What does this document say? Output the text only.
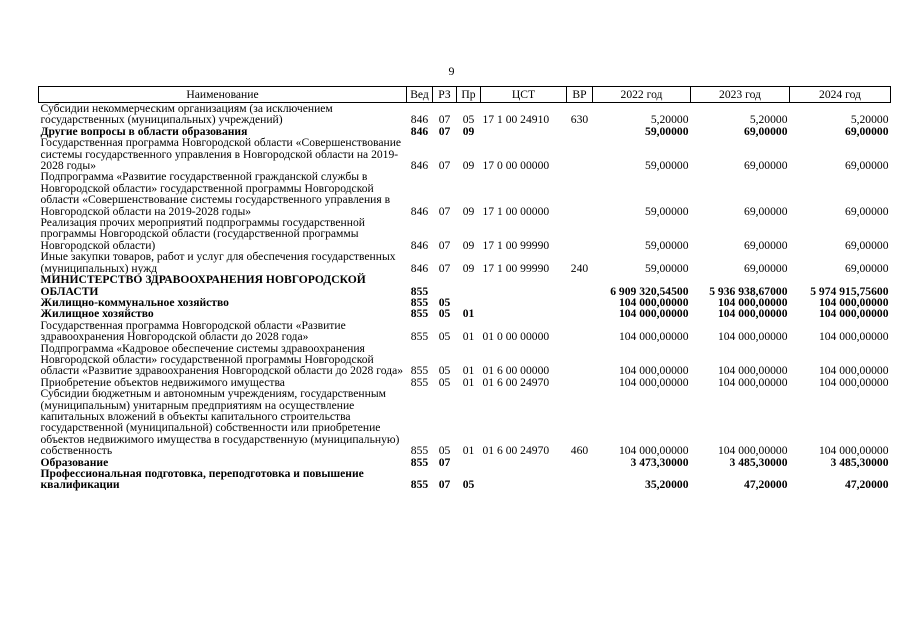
9
Наименование	Вед	РЗ	Пр	ЦСТ	ВР	2022 год	2023 год	2024 год
Субсидии некоммерческим организациям (за исключением государственных (муниципальных) учреждений)	846	07	05	17 1 00 24910	630	5,20000	5,20000	5,20000
Другие вопросы в области образования	846	07	09			59,00000	69,00000	69,00000
Государственная программа Новгородской области «Совершенствование системы государственного управления в Новгородской области на 2019-2028 годы»	846	07	09	17 0 00 00000		59,00000	69,00000	69,00000
Подпрограмма «Развитие государственной гражданской службы в Новгородской области» государственной программы Новгородской области «Совершенствование системы государственного управления в Новгородской области на 2019-2028 годы»	846	07	09	17 1 00 00000		59,00000	69,00000	69,00000
Реализация прочих мероприятий подпрограммы государственной программы Новгородской области (государственной программы Новгородской области)	846	07	09	17 1 00 99990		59,00000	69,00000	69,00000
Иные закупки товаров, работ и услуг для обеспечения государственных (муниципальных) нужд	846	07	09	17 1 00 99990	240	59,00000	69,00000	69,00000
МИНИСТЕРСТВО ЗДРАВООХРАНЕНИЯ НОВГОРОДСКОЙ ОБЛАСТИ	855					6 909 320,54500	5 936 938,67000	5 974 915,75600
Жилищно-коммунальное хозяйство	855	05				104 000,00000	104 000,00000	104 000,00000
Жилищное хозяйство	855	05	01			104 000,00000	104 000,00000	104 000,00000
Государственная программа Новгородской области «Развитие здравоохранения Новгородской области до 2028 года»	855	05	01	01 0 00 00000		104 000,00000	104 000,00000	104 000,00000
Подпрограмма «Кадровое обеспечение системы здравоохранения Новгородской области» государственной программы Новгородской области «Развитие здравоохранения Новгородской области до 2028 года»	855	05	01	01 6 00 00000		104 000,00000	104 000,00000	104 000,00000
Приобретение объектов недвижимого имущества	855	05	01	01 6 00 24970		104 000,00000	104 000,00000	104 000,00000
Субсидии бюджетным и автономным учреждениям, государственным (муниципальным) унитарным предприятиям на осуществление капитальных вложений в объекты капитального строительства государственной (муниципальной) собственности или приобретение объектов недвижимого имущества в государственную (муниципальную) собственность	855	05	01	01 6 00 24970	460	104 000,00000	104 000,00000	104 000,00000
Образование	855	07				3 473,30000	3 485,30000	3 485,30000
Профессиональная подготовка, переподготовка и повышение квалификации	855	07	05			35,20000	47,20000	47,20000
